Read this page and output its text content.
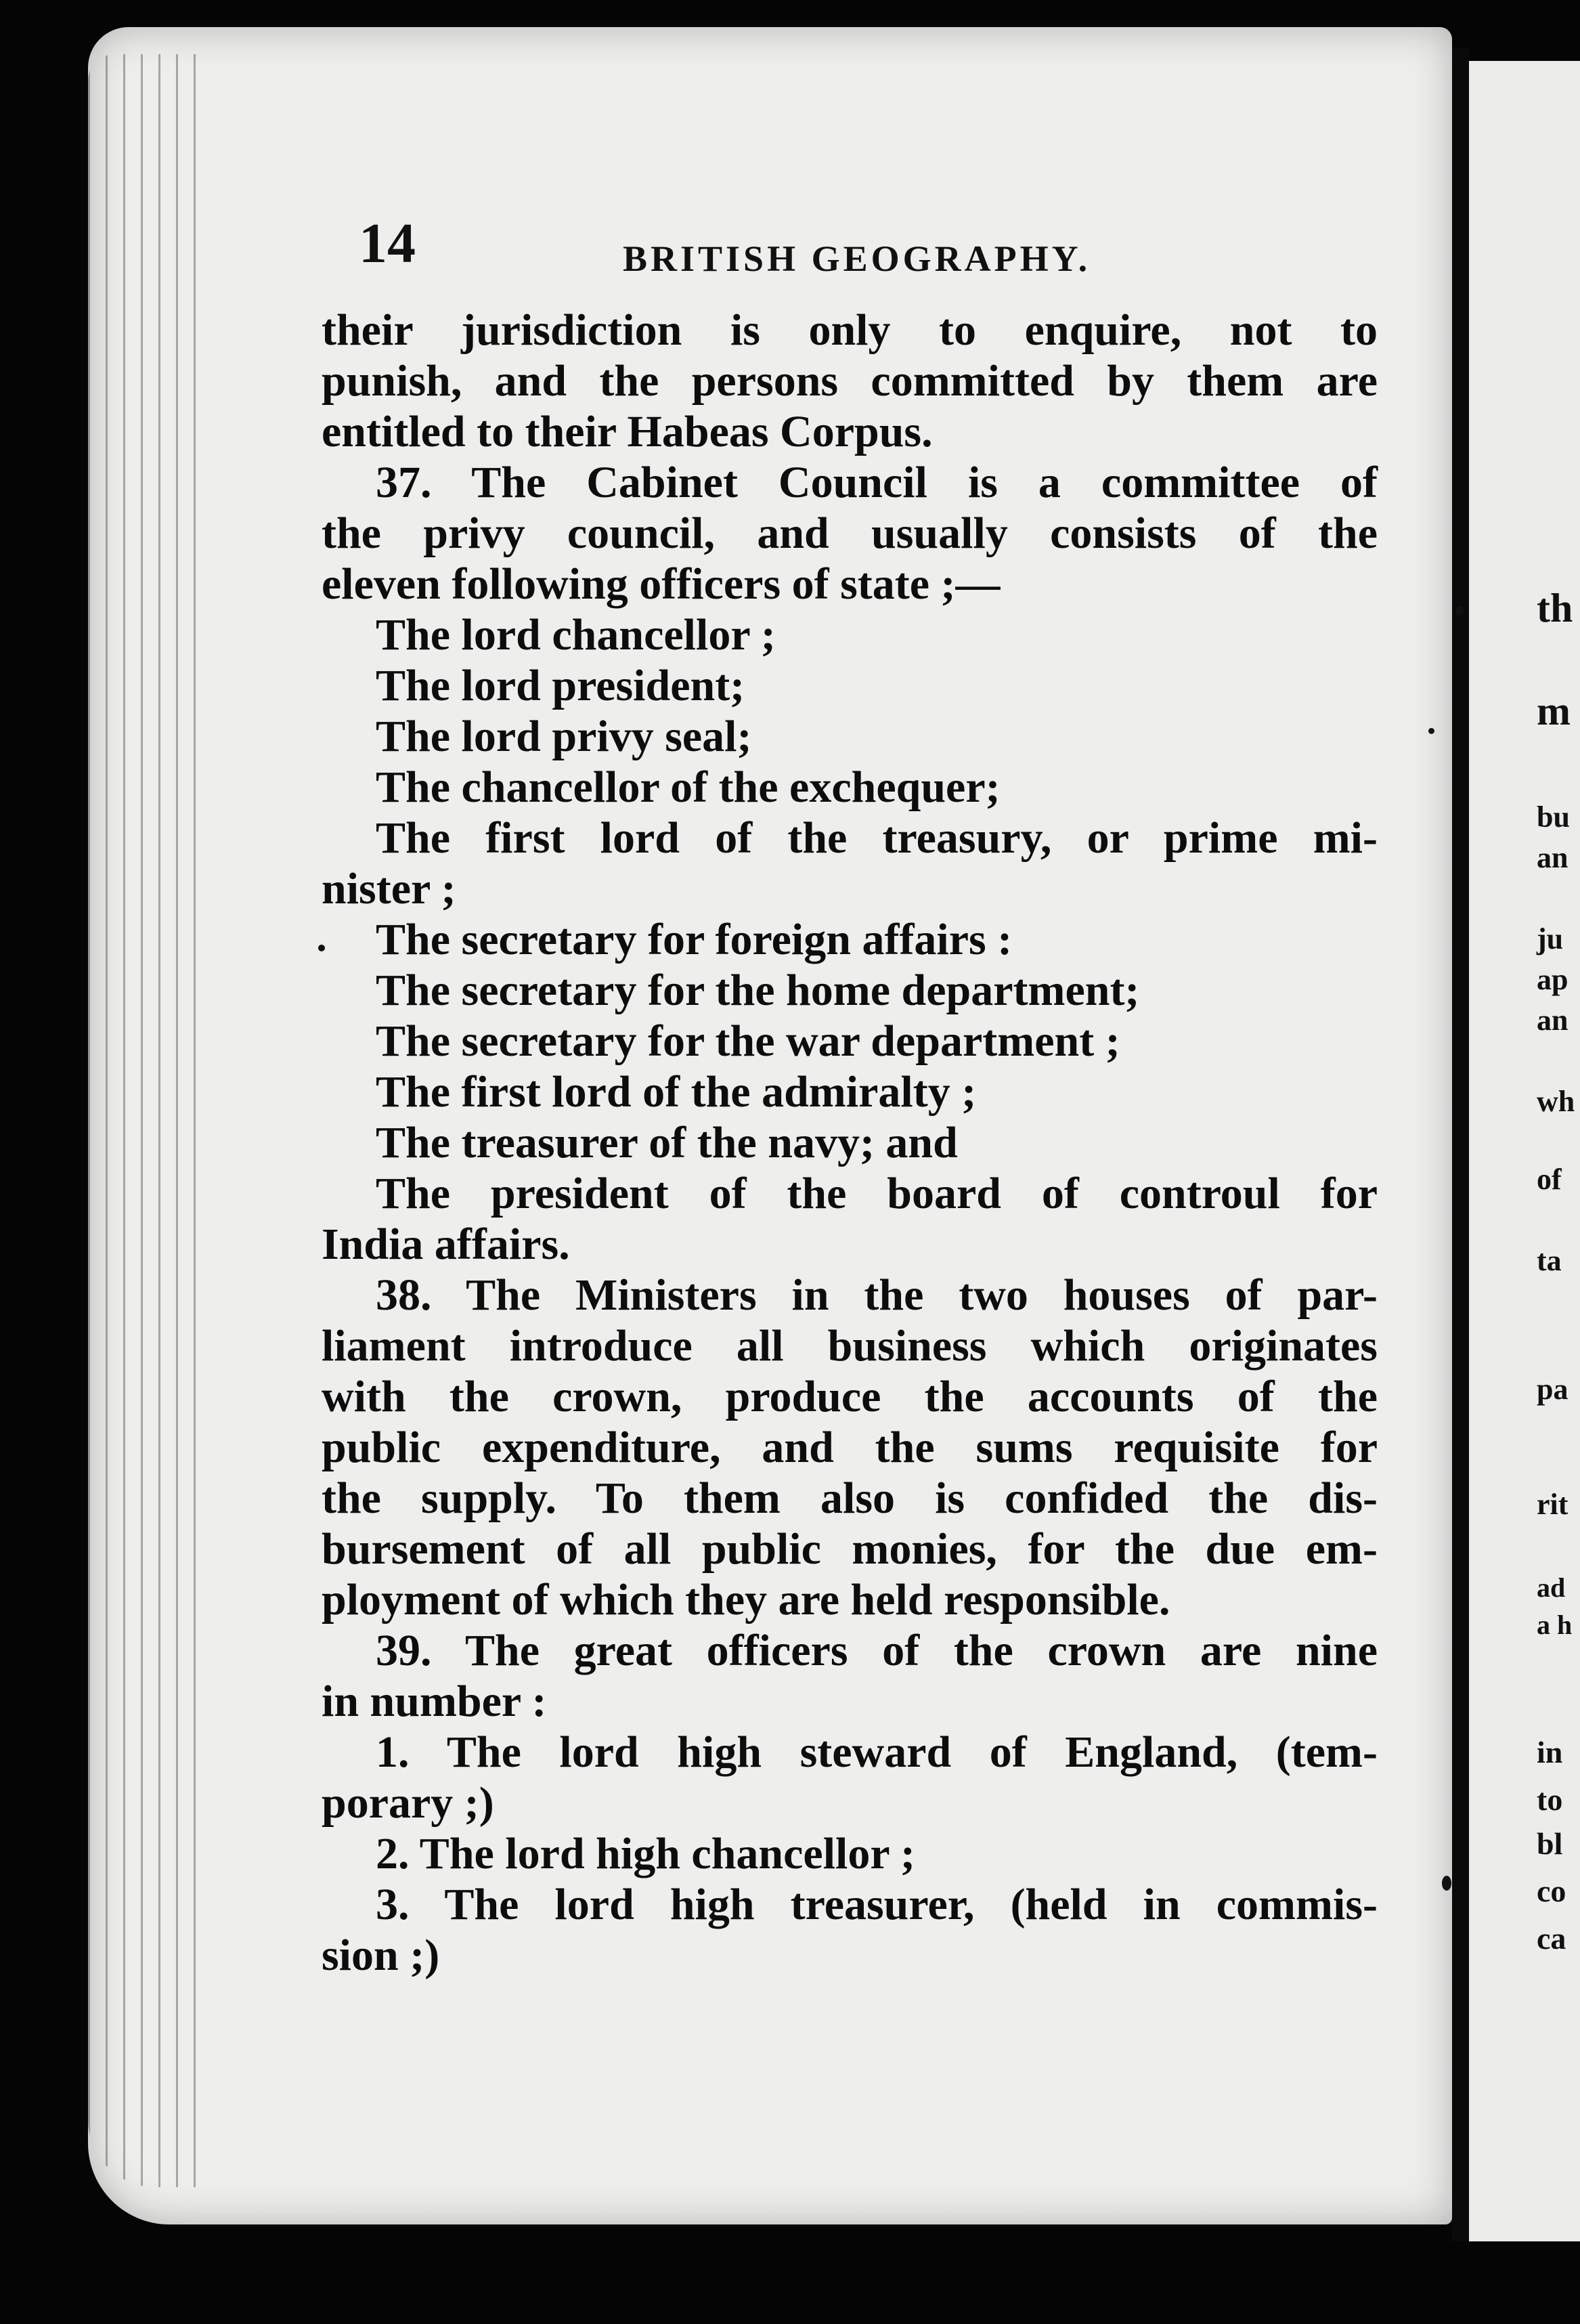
th
m
bu
an
ju
ap
an
wh
of
ta
pa
rit
ad
a h
in
to
bl
co
ca
14	BRITISH GEOGRAPHY.
their jurisdiction is only to enquire, not to
punish, and the persons committed by them are
entitled to their Habeas Corpus.
37. The Cabinet Council is a committee of
the privy council, and usually consists of the
eleven following officers of state ;—
The lord chancellor ;
The lord president;
The lord privy seal;
The chancellor of the exchequer;
The first lord of the treasury, or prime mi-
nister ;
The secretary for foreign affairs :
The secretary for the home department;
The secretary for the war department ;
The first lord of the admiralty ;
The treasurer of the navy; and
The president of the board of controul for
India affairs.
38. The Ministers in the two houses of par-
liament introduce all business which originates
with the crown, produce the accounts of the
public expenditure, and the sums requisite for
the supply. To them also is confided the dis-
bursement of all public monies, for the due em-
ployment of which they are held responsible.
39. The great officers of the crown are nine
in number :
1. The lord high steward of England, (tem-
porary ;)
2. The lord high chancellor ;
3. The lord high treasurer, (held in commis-
sion ;)
